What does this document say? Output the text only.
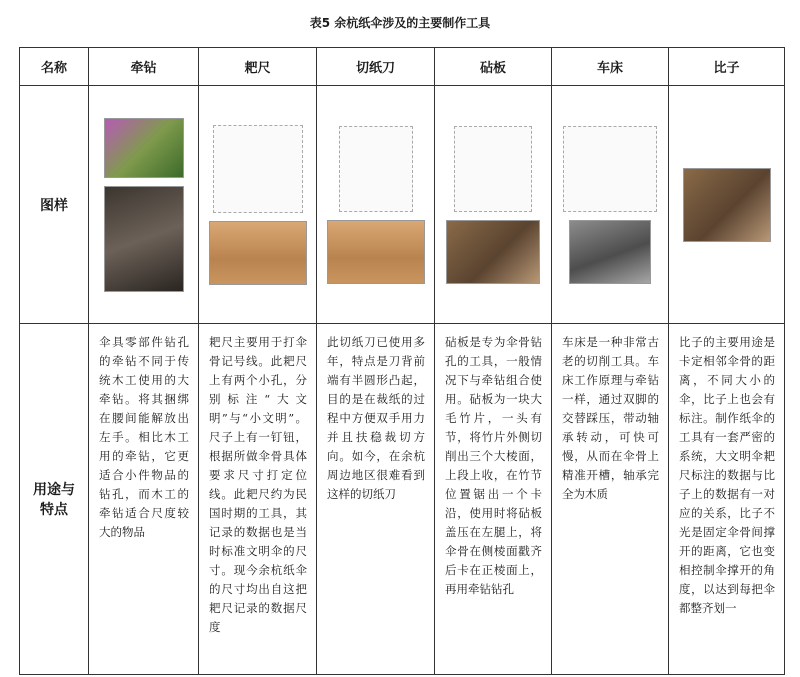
表5 余杭纸伞涉及的主要制作工具
名称	牵钻	耙尺	切纸刀	砧板	车床	比子
图样	

用途与
特点	伞具零部件钻孔的牵钻不同于传统木工使用的大牵钻。将其捆绑在腰间能解放出左手。相比木工用的牵钻，它更适合小件物品的钻孔，而木工的牵钻适合尺度较大的物品	耙尺主要用于打伞骨记号线。此耙尺上有两个小孔，分别标注“大文明”与“小文明”。尺子上有一钉钮，根据所做伞骨具体要求尺寸打定位线。此耙尺约为民国时期的工具，其记录的数据也是当时标准文明伞的尺寸。现今余杭纸伞的尺寸均出自这把耙尺记录的数据尺度	此切纸刀已使用多年，特点是刀背前端有半圆形凸起，目的是在裁纸的过程中方便双手用力并且扶稳裁切方向。如今，在余杭周边地区很难看到这样的切纸刀	砧板是专为伞骨钻孔的工具，一般情况下与牵钻组合使用。砧板为一块大毛竹片，一头有节，将竹片外侧切削出三个大棱面，上段上收，在竹节位置锯出一个卡沿，使用时将砧板盖压在左腿上，将伞骨在侧棱面戳齐后卡在正棱面上，再用牵钻钻孔	车床是一种非常古老的切削工具。车床工作原理与牵钻一样，通过双脚的交替踩压，带动轴承转动，可快可慢，从而在伞骨上精准开槽，轴承完全为木质	比子的主要用途是卡定相邻伞骨的距离，不同大小的伞，比子上也会有标注。制作纸伞的工具有一套严密的系统，大文明伞耙尺标注的数据与比子上的数据有一对应的关系，比子不光是固定伞骨间撑开的距离，它也变相控制伞撑开的角度，以达到每把伞都整齐划一
